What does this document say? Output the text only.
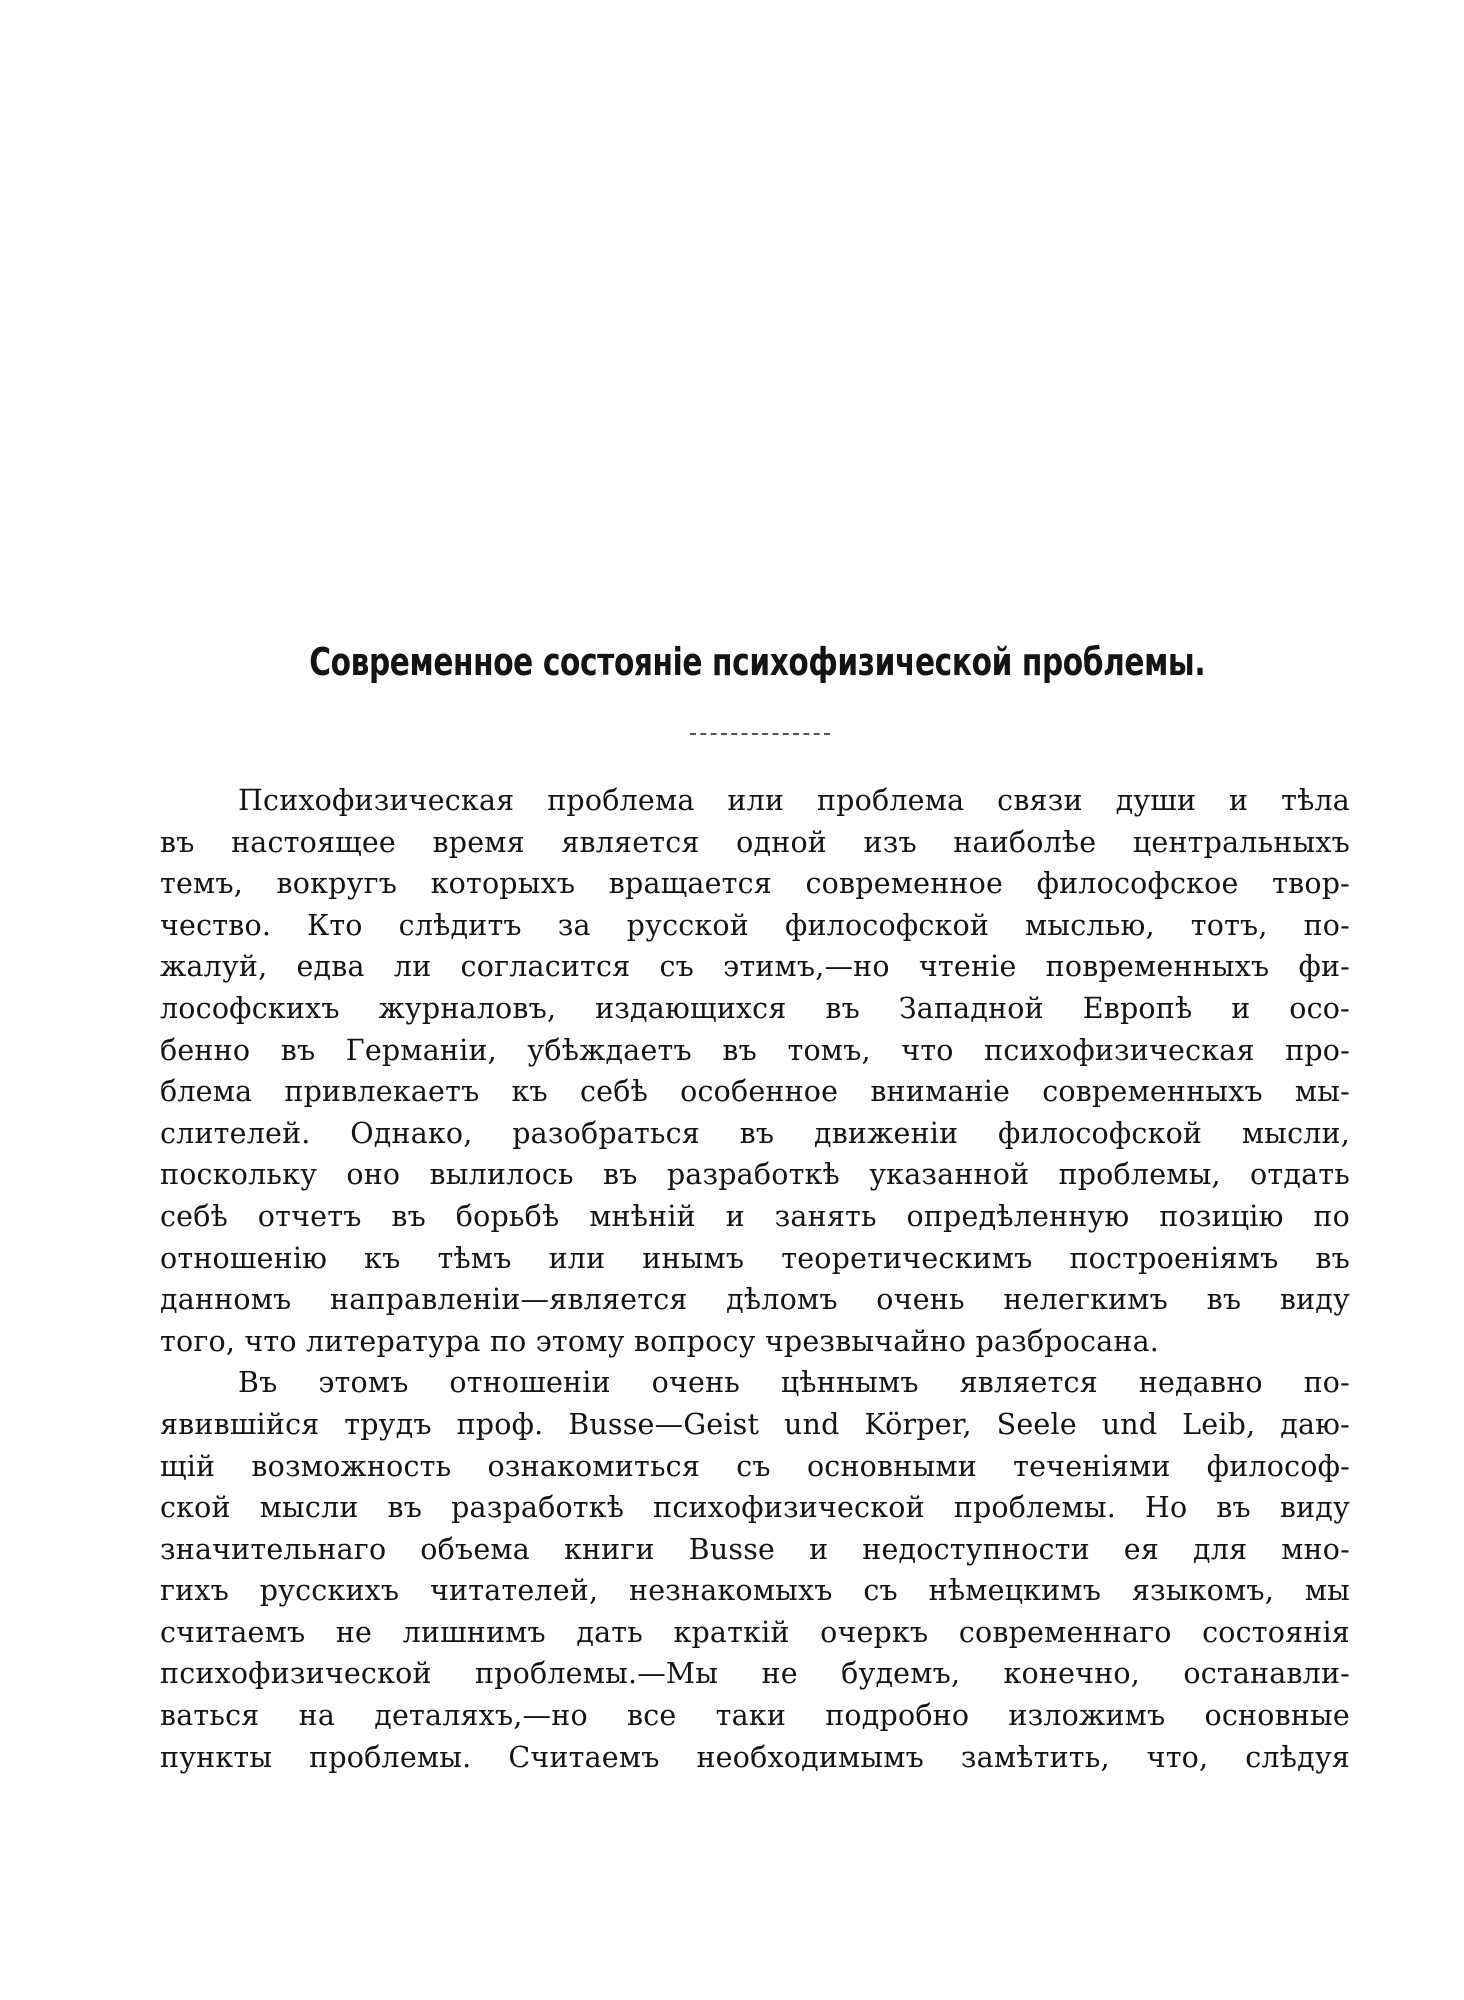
Современное состояніе психофизической проблемы.
Психофизическая проблема или проблема связи души и тѣла
въ настоящее время является одной изъ наиболѣе центральныхъ
темъ, вокругъ которыхъ вращается современное философское твор-
чество. Кто слѣдитъ за русской философской мыслью, тотъ, по-
жалуй, едва ли согласится съ этимъ,—но чтеніе повременныхъ фи-
лософскихъ журналовъ, издающихся въ Западной Европѣ и осо-
бенно въ Германіи, убѣждаетъ въ томъ, что психофизическая про-
блема привлекаетъ къ себѣ особенное вниманіе современныхъ мы-
слителей. Однако, разобраться въ движеніи философской мысли,
поскольку оно вылилось въ разработкѣ указанной проблемы, отдать
себѣ отчетъ въ борьбѣ мнѣній и занять опредѣленную позицію по
отношенію къ тѣмъ или инымъ теоретическимъ построеніямъ въ
данномъ направленіи—является дѣломъ очень нелегкимъ въ виду
того, что литература по этому вопросу чрезвычайно разбросана.
Въ этомъ отношеніи очень цѣннымъ является недавно по-
явившійся трудъ проф. Busse—Geist und Körper, Seele und Leib, даю-
щій возможность ознакомиться съ основными теченіями философ-
ской мысли въ разработкѣ психофизической проблемы. Но въ виду
значительнаго объема книги Busse и недоступности ея для мно-
гихъ русскихъ читателей, незнакомыхъ съ нѣмецкимъ языкомъ, мы
считаемъ не лишнимъ дать краткій очеркъ современнаго состоянія
психофизической проблемы.—Мы не будемъ, конечно, останавли-
ваться на деталяхъ,—но все таки подробно изложимъ основные
пункты проблемы. Считаемъ необходимымъ замѣтить, что, слѣдуя
